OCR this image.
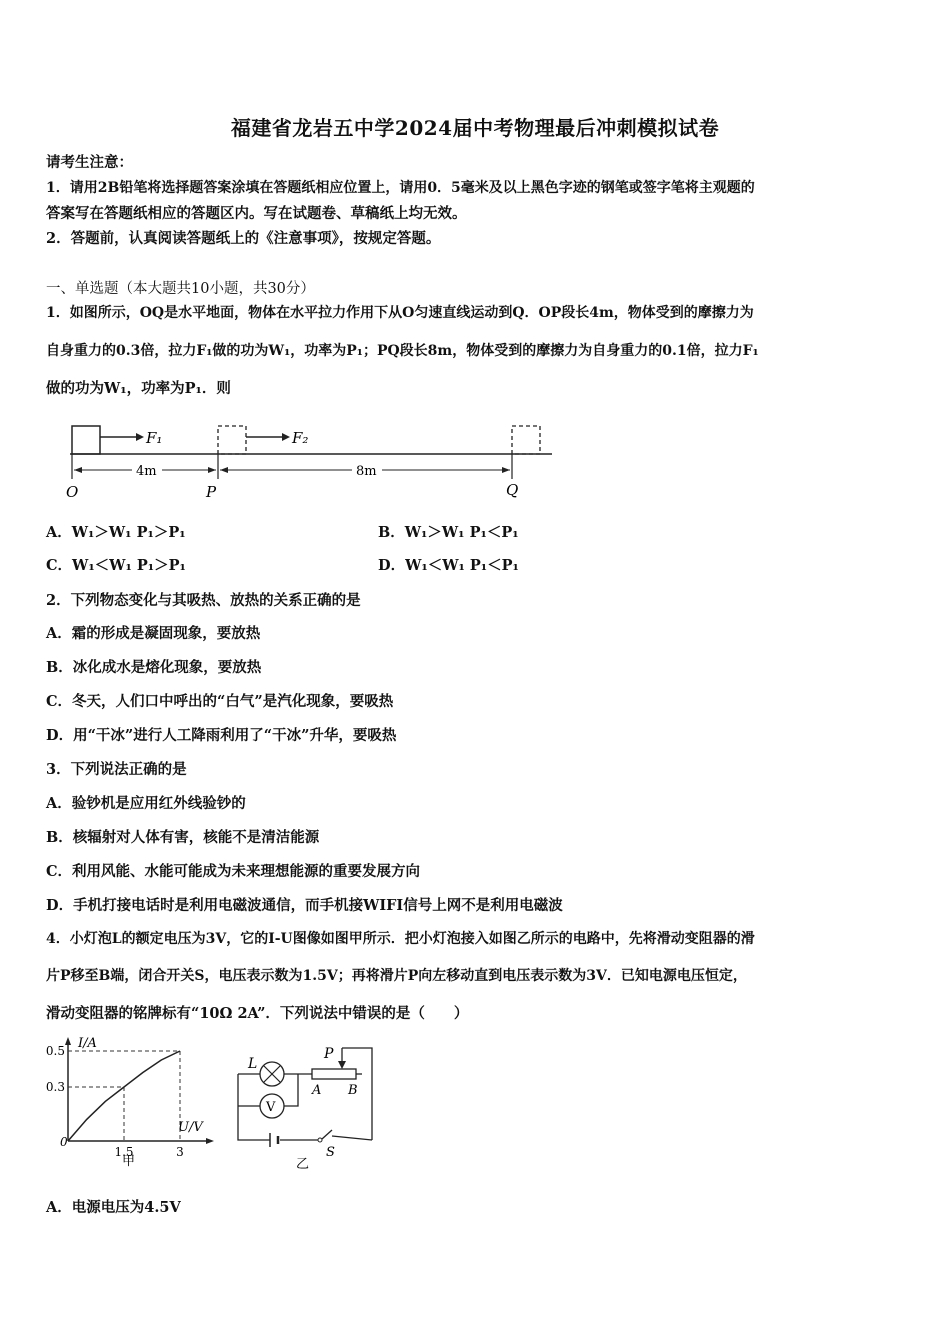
福建省龙岩五中学2024届中考物理最后冲刺模拟试卷
请考生注意：
1．请用2B铅笔将选择题答案涂填在答题纸相应位置上，请用0．5毫米及以上黑色字迹的钢笔或签字笔将主观题的
答案写在答题纸相应的答题区内。写在试题卷、草稿纸上均无效。
2．答题前，认真阅读答题纸上的《注意事项》，按规定答题。
一、单选题（本大题共10小题，共30分）
1．如图所示，OQ是水平地面，物体在水平拉力作用下从O匀速直线运动到Q．OP段长4m，物体受到的摩擦力为
自身重力的0.3倍，拉力F₁做的功为W₁，功率为P₁；PQ段长8m，物体受到的摩擦力为自身重力的0.1倍，拉力F₁
做的功为W₁，功率为P₁．则
F₁	F₂
4m	8m
O	P	Q
A．W₁＞W₁ P₁＞P₁	B．W₁＞W₁ P₁＜P₁
C．W₁＜W₁ P₁＞P₁	D．W₁＜W₁ P₁＜P₁
2．下列物态变化与其吸热、放热的关系正确的是
A．霜的形成是凝固现象，要放热
B．冰化成水是熔化现象，要放热
C．冬天，人们口中呼出的“白气”是汽化现象，要吸热
D．用“干冰”进行人工降雨利用了“干冰”升华，要吸热
3．下列说法正确的是
A．验钞机是应用红外线验钞的
B．核辐射对人体有害，核能不是清洁能源
C．利用风能、水能可能成为未来理想能源的重要发展方向
D．手机打接电话时是利用电磁波通信，而手机接WIFI信号上网不是利用电磁波
4．小灯泡L的额定电压为3V，它的I-U图像如图甲所示．把小灯泡接入如图乙所示的电路中，先将滑动变阻器的滑
片P移至B端，闭合开关S，电压表示数为1.5V；再将滑片P向左移动直到电压表示数为3V．已知电源电压恒定，
滑动变阻器的铭牌标有“10Ω 2A”．下列说法中错误的是（　　）
I/A
U/V
0
1.5	3
0.3
0.5
甲
S
L
V
P
A B
乙
A．电源电压为4.5V
